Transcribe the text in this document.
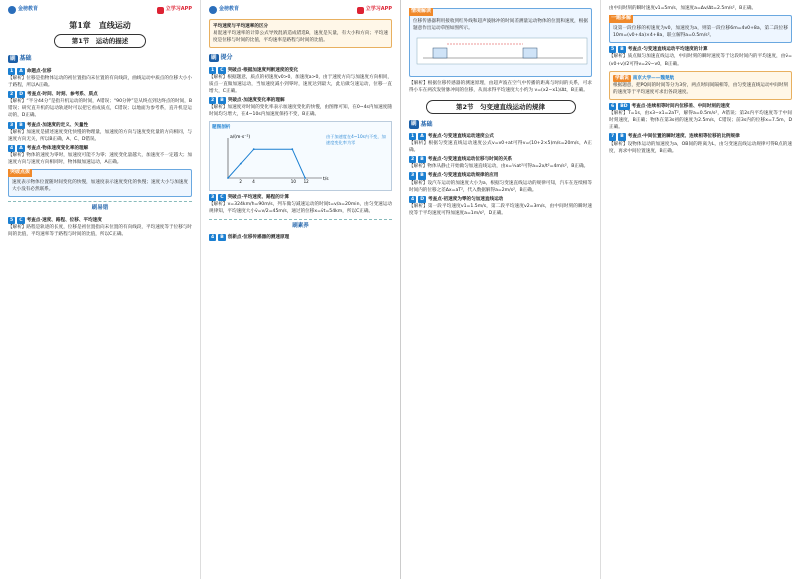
金榜教育	立学习APP
第1章　直线运动
第1节　运动的描述
刷 基础
1 A 命题点·位移
【解析】位移是指物体运动的初位置指向末位置的有向线段，曲线运动中质点的位移大小小于路程，所以A正确。
2 D 考查点·时间、时刻、参考系、质点
【解析】“半分44分”是指升机运动的时间，A错误；“90分钟”是从终点到达终点的时间，B错误；研究直升机的运动轨迹时可以把它看成质点，C错误；以地面为参考系，直升机是运动的，D正确。
3 B 考查点·加速度的定义、矢量性
【解析】加速度是描述速度变化快慢的物理量，加速度的方向与速度变化量的方向相同，与速度方向无关，所以B正确，A、C、D错误。
4 A 考查点·物体速度变化率的理解
【解析】物体的速度为零时，加速度可能不为零；速度变化量越大，加速度不一定越大；加速度方向与速度方向相同时，物体做加速运动，A正确。
突破点拨
速度表示物体位置随时间变化的快慢，加速度表示速度变化的快慢；速度大小与加速度大小没有必然联系。
刷易错
5 C 考查点·速度、路程、位移、平均速度
【解析】路程是轨迹的长度，位移是初位置指向末位置的有向线段，平均速度等于位移与时间的比值，平均速率等于路程与时间的比值，所以C正确。
金榜教育	立学习APP
平均速度与平均速率的区分
易混速平均速率的计算公式导致混淆造成错选B，速度是矢量，有大小和方向；平均速度是位移与时间的比值，平均速率是路程与时间的比值。
刷 提分
1 C 突破点·根据加速度判断速度的变化
【解析】根据题意，质点的初速度v0>0，加速度a>0，由于速度方向与加速度方向相同，质点一直做加速运动，当加速度减小到零时，速度达到最大，此后做匀速运动，位移一直增大，C正确。
2 B 突破点·加速度变化率的理解
【解析】加速度对时间的变化率表示加速度变化的快慢，由图像可知，在0~4s内加速度随时间均匀增大，在4~10s内加速度保持不变，B正确。
题图剖析
t/s
a/(m·s⁻²)
2	4	10 12
由于加速度在4~10s内不变，加速度变化率为零
3 C 突破点·平均速度、路程的计算
【解析】v=324km/h=90m/s，列车做匀减速运动的时间t=v/a=20min，由匀变速运动规律知，平均速度大小v̄=v/2=45m/s，通过的位移x=v̄t=54km，所以C正确。
刷素养
4 B 创新点·位移传感器的测速原理
情境解读
位移传感器利用接收到红外线和超声波脉冲的时间差测量运动物体的位置和速度，根据题意作出运动草图如图所示。
【解析】根据位移传感器的测速原理，由超声波在空气中传播的距离与时间的关系，可求得小车在两次发射脉冲间的位移，从而求得平均速度大小约为 v=(x2−x1)/Δt，B正确。
第2节　匀变速直线运动的规律
刷 基础
1 A 考查点·匀变速直线运动速度公式
【解析】根据匀变速直线运动速度公式v=v0+at可得v=(10+2×5)m/s=20m/s，A正确。
2 B 考查点·匀变速直线运动位移与时间的关系
【解析】物体从静止开始做匀加速直线运动，由x=½at²可得a=2x/t²=4m/s²，B正确。
3 B 考查点·匀变速直线运动规律的应用
【解析】设汽车运动的加速度大小为a，根据匀变速直线运动的规律可知，汽车在连续相等时间内的位移之差Δx=aT²，代入数据解得a=2m/s²，B正确。
4 D 考查点·初速度为零的匀加速直线运动
【解析】第一段平均速度v1=1.5m/s，第二段平均速度v2=3m/s，由中间时刻的瞬时速度等于平均速度可得加速度a=1m/s²，D正确。
由中间时刻的瞬时速度v1=5m/s，加速度a=Δv/Δt=2.5m/s²，B正确。
一题多解
设第一段位移的初速度为v0，加速度为a，则第一段位移6m=4v0+8a，第二段位移10m=(v0+4a)×4+8a，联立解得a=0.5m/s²。
5 B 考查点·匀变速直线运动平均速度的计算
【解析】质点做匀加速直线运动，中间时刻的瞬时速度等于这段时间内的平均速度，由v̄=(v0+v)/2可得v=2v̄−v0，B正确。
学霸说 南京大学——魏楚航
根据题意，把PQ间的时间等分为3份，两点时间间隔相等，由匀变速直线运动中间时刻的速度等于平均速度可求出各段速度。
6 BD 考查点·连续相等时间内位移差、中间时刻的速度
【解析】T=1s，由x3−x1=2aT²，解得a=0.5m/s²，A错误；第2s内平均速度等于中间时刻速度，B正确；物体在第3s初的速度为2.5m/s，C错误；前3s内的位移x=7.5m，D正确。
7 B 考查点·中间位置的瞬时速度、连续相等位移的比例规律
【解析】设物体运动的加速度为a，OB间的距离为L，由匀变速直线运动规律可得B点的速度，再求中间位置速度，B正确。
